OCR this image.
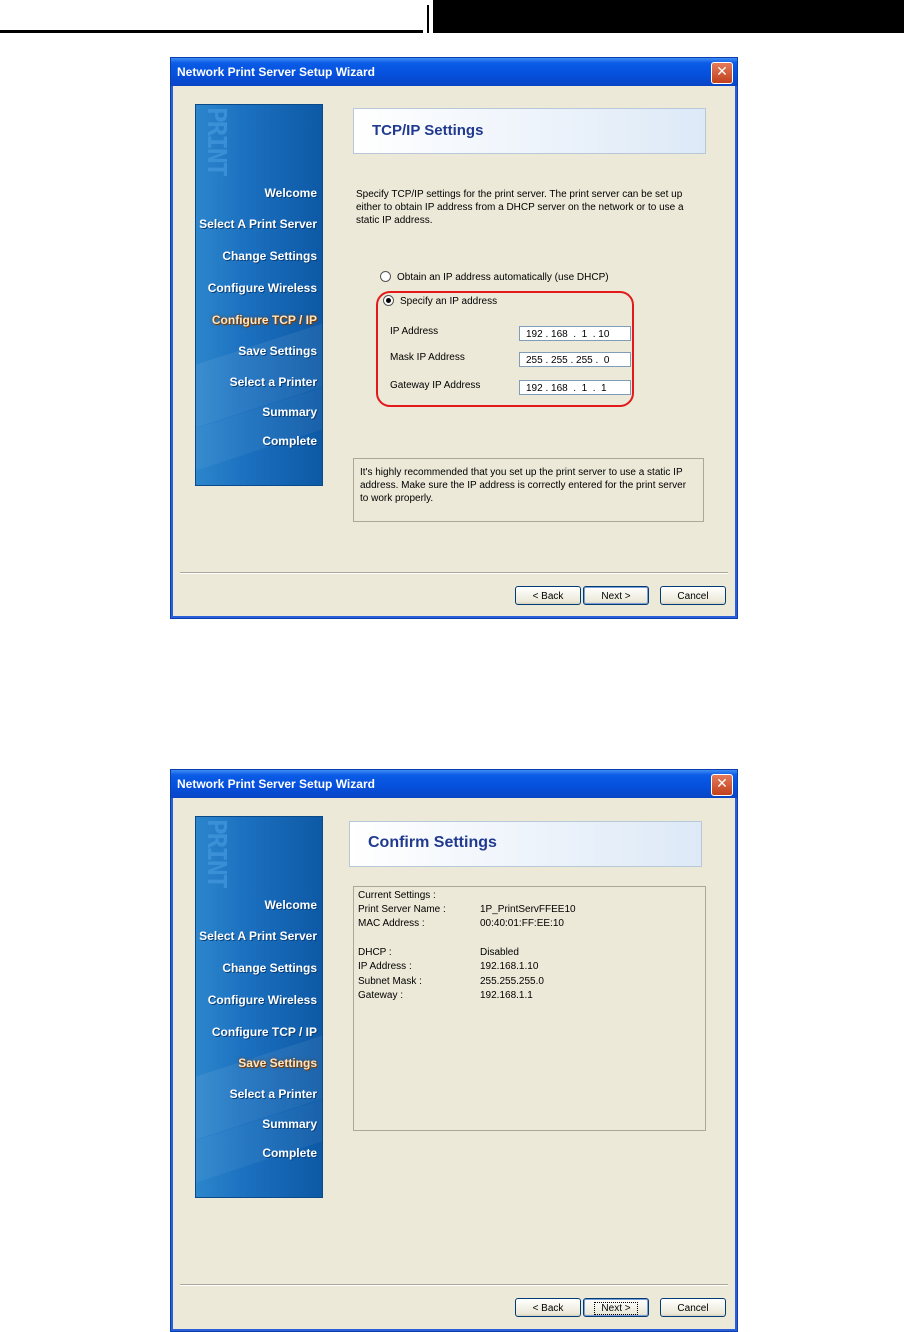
Network Print Server Setup Wizard	✕
PRINT
Welcome
Select A Print Server
Change Settings
Configure Wireless
Configure TCP / IP
Save Settings
Select a Printer
Summary
Complete
TCP/IP Settings
Specify TCP/IP settings for the print server. The print server can be set up either to obtain IP address from a DHCP server on the network or to use a static IP address.
Obtain an IP address automatically (use DHCP)
Specify an IP address
IP Address	192 . 168  .  1  . 10
Mask IP Address	255 . 255 . 255 .  0
Gateway IP Address	192 . 168  .  1  .  1
It's highly recommended that you set up the print server to use a static IP address. Make sure the IP address is correctly entered for the print server to work properly.
< Back	Next >	Cancel
Network Print Server Setup Wizard	✕
PRINT
Welcome
Select A Print Server
Change Settings
Configure Wireless
Configure TCP / IP
Save Settings
Select a Printer
Summary
Complete
Confirm Settings
Current Settings :
Print Server Name :	1P_PrintServFFEE10
MAC Address :	00:40:01:FF:EE:10
DHCP :	Disabled
IP Address :	192.168.1.10
Subnet Mask :	255.255.255.0
Gateway :	192.168.1.1
< Back	Next >	Cancel
